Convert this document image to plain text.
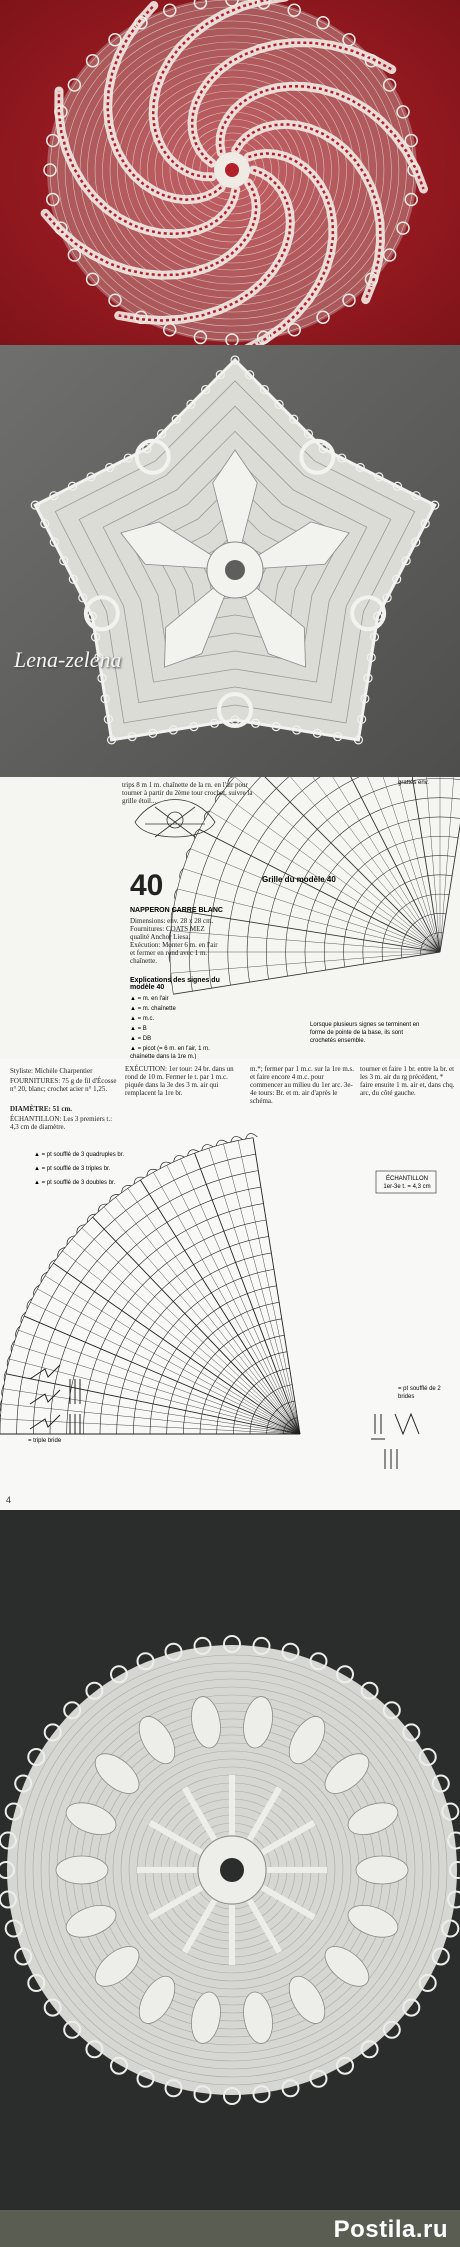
Lena-zelena
trips 8 m 1 m. chaînette de la rn. en l'air pour tourner à partir du 2ème tour crochet, suivre la grille étoil...
grattés env.
40
NAPPERON CARRE BLANC
Dimensions: env. 28 x 28 cm. Fournitures: COATS MEZ qualité Anchor Liesa. Exécution: Monter 6 m. en l'air et fermer en rond avec 1 m. chaînette.
Grille du modèle 40
Explications des signes du modèle 40
▲ = m. en l'air
▲ = m. chaînette
▲ = m.c.
▲ = B
▲ = DB
▲ = picot (= 6 m. en l'air, 1 m. chaînette dans la 1re m.)
Lorsque plusieurs signes se terminent en forme de pointe de la base, ils sont crochetés ensemble.
Styliste: Michèle Charpentier
FOURNITURES: 75 g de fil d'Écosse n° 20, blanc; crochet acier n° 1,25.
DIAMÈTRE: 51 cm.
ÉCHANTILLON: Les 3 premiers t.: 4,3 cm de diamètre.
EXÉCUTION: 1er tour: 24 br. dans un rond de 10 m. Fermer le t. par 1 m.c. piquée dans la 3e des 3 m. air qui remplacent la 1re br.
m.*; fermer par 1 m.c. sur la 1re m.s. et faire encore 4 m.c. pour commencer au milieu du 1er arc. 3e-4e tours: Br. et m. air d'après le schéma.
tourner et faire 1 br. entre la br. et les 3 m. air du rg précédent, * faire ensuite 1 m. air et, dans chq. arc, du côté gauche.
▲ = pt soufflé de 3 quadruples br.
▲ = pt soufflé de 3 triples br.
▲ = pt soufflé de 3 doubles br.
ÉCHANTILLON 1er-3e t. = 4,3 cm
= pt soufflé de 2 brides
= triple bride
4
Postila.ru
